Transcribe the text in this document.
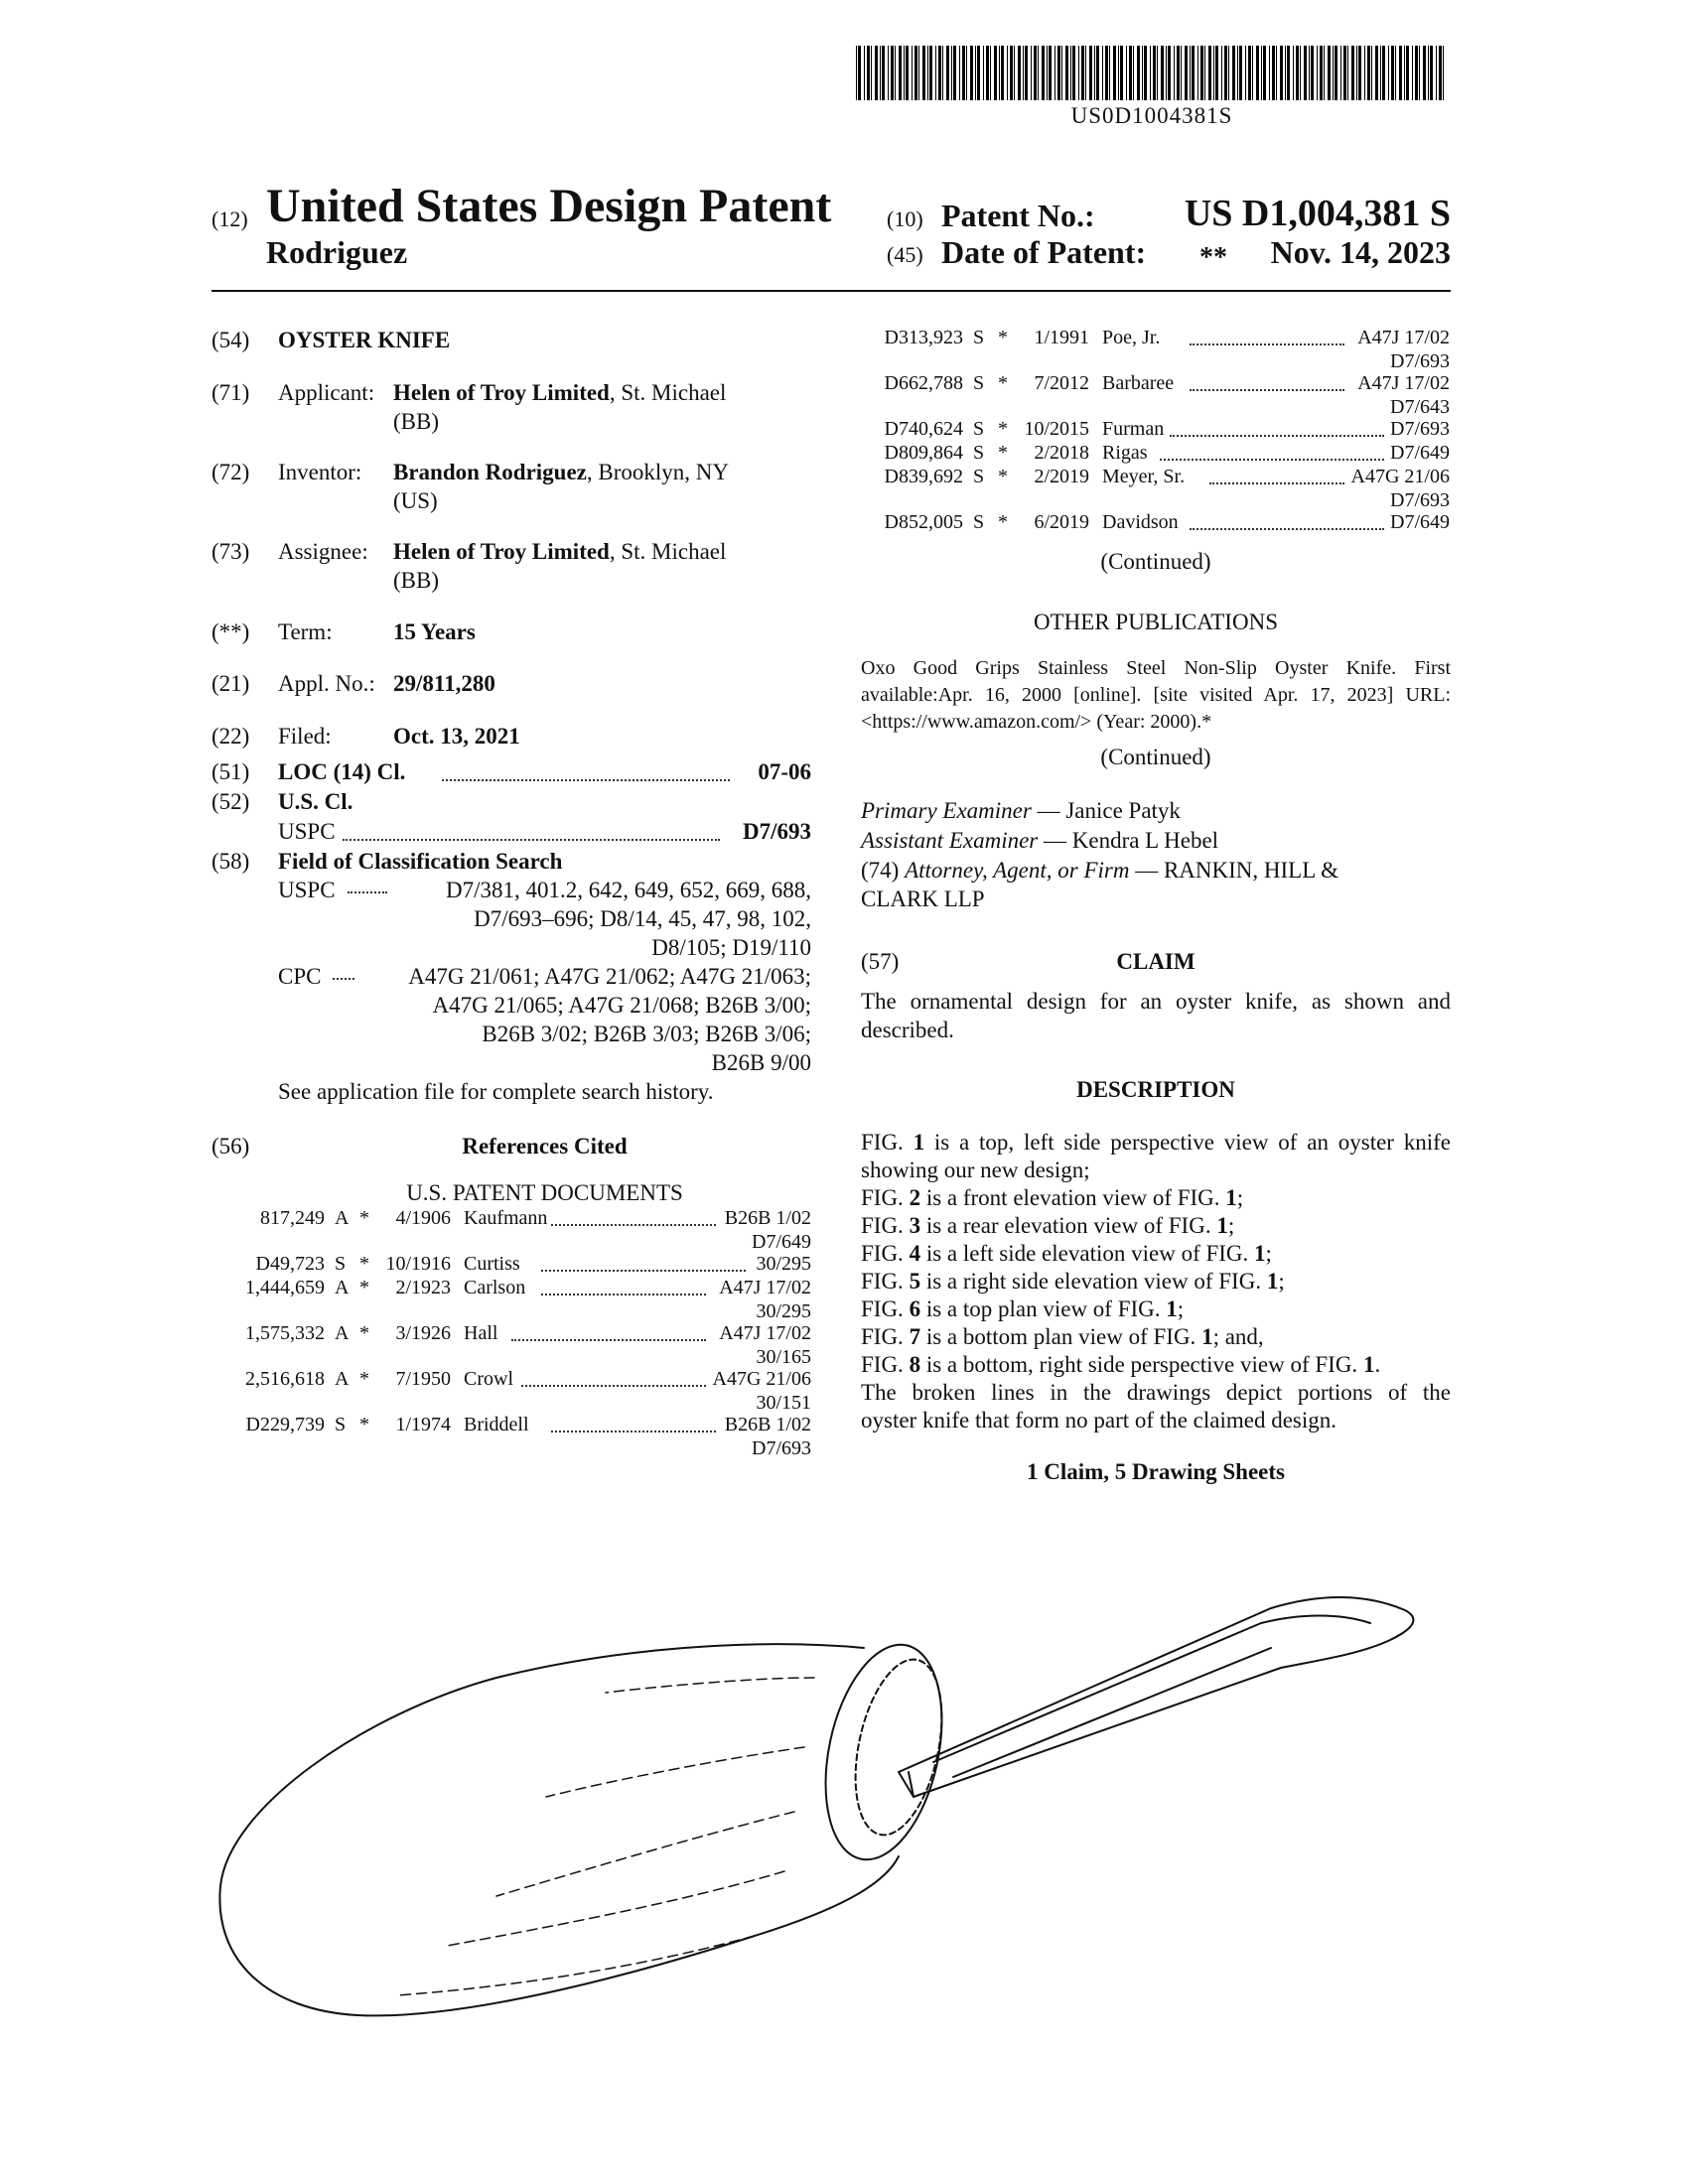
US0D1004381S
(12) United States Design Patent
Rodriguez
(10) Patent No.:	US D1,004,381 S
(45) Date of Patent: **	Nov. 14, 2023
(54) OYSTER KNIFE
(71) Applicant: Helen of Troy Limited, St. Michael
(BB)
(72) Inventor: Brandon Rodriguez, Brooklyn, NY
(US)
(73) Assignee: Helen of Troy Limited, St. Michael
(BB)
(**) Term:	15 Years
(21) Appl. No.: 29/811,280
(22) Filed:	Oct. 13, 2021
(51) LOC (14) Cl.	07-06
(52) U.S. Cl.
USPC	D7/693
(58) Field of Classification Search
USPC	D7/381, 401.2, 642, 649, 652, 669, 688,
D7/693–696; D8/14, 45, 47, 98, 102,
D8/105; D19/110
CPC	A47G 21/061; A47G 21/062; A47G 21/063;
A47G 21/065; A47G 21/068; B26B 3/00;
B26B 3/02; B26B 3/03; B26B 3/06;
B26B 9/00
See application file for complete search history.
(56)	References Cited
U.S. PATENT DOCUMENTS
817,249 A *	4/1906 Kaufmann	B26B 1/02
D7/649
D49,723 S * 10/1916 Curtiss	30/295
1,444,659 A *	2/1923 Carlson	A47J 17/02
30/295
1,575,332 A *	3/1926 Hall	A47J 17/02
30/165
2,516,618 A *	7/1950 Crowl	A47G 21/06
30/151
D229,739 S *	1/1974 Briddell	B26B 1/02
D7/693
D313,923 S *	1/1991 Poe, Jr.	A47J 17/02
D7/693
D662,788 S *	7/2012 Barbaree	A47J 17/02
D7/643
D740,624 S * 10/2015 Furman	D7/693
D809,864 S *	2/2018 Rigas	D7/649
D839,692 S *	2/2019 Meyer, Sr.	A47G 21/06
D7/693
D852,005 S *	6/2019 Davidson	D7/649
(Continued)
OTHER PUBLICATIONS
Oxo Good Grips Stainless Steel Non-Slip Oyster Knife. First
available:Apr. 16, 2000 [online]. [site visited Apr. 17, 2023] URL:
<https://www.amazon.com/> (Year: 2000).*
(Continued)
Primary Examiner — Janice Patyk
Assistant Examiner — Kendra L Hebel
(74) Attorney, Agent, or Firm — RANKIN, HILL &
CLARK LLP
(57)	CLAIM
The ornamental design for an oyster knife, as shown and
described.
DESCRIPTION
FIG. 1 is a top, left side perspective view of an oyster knife
showing our new design;
FIG. 2 is a front elevation view of FIG. 1;
FIG. 3 is a rear elevation view of FIG. 1;
FIG. 4 is a left side elevation view of FIG. 1;
FIG. 5 is a right side elevation view of FIG. 1;
FIG. 6 is a top plan view of FIG. 1;
FIG. 7 is a bottom plan view of FIG. 1; and,
FIG. 8 is a bottom, right side perspective view of FIG. 1.
The broken lines in the drawings depict portions of the
oyster knife that form no part of the claimed design.
1 Claim, 5 Drawing Sheets
